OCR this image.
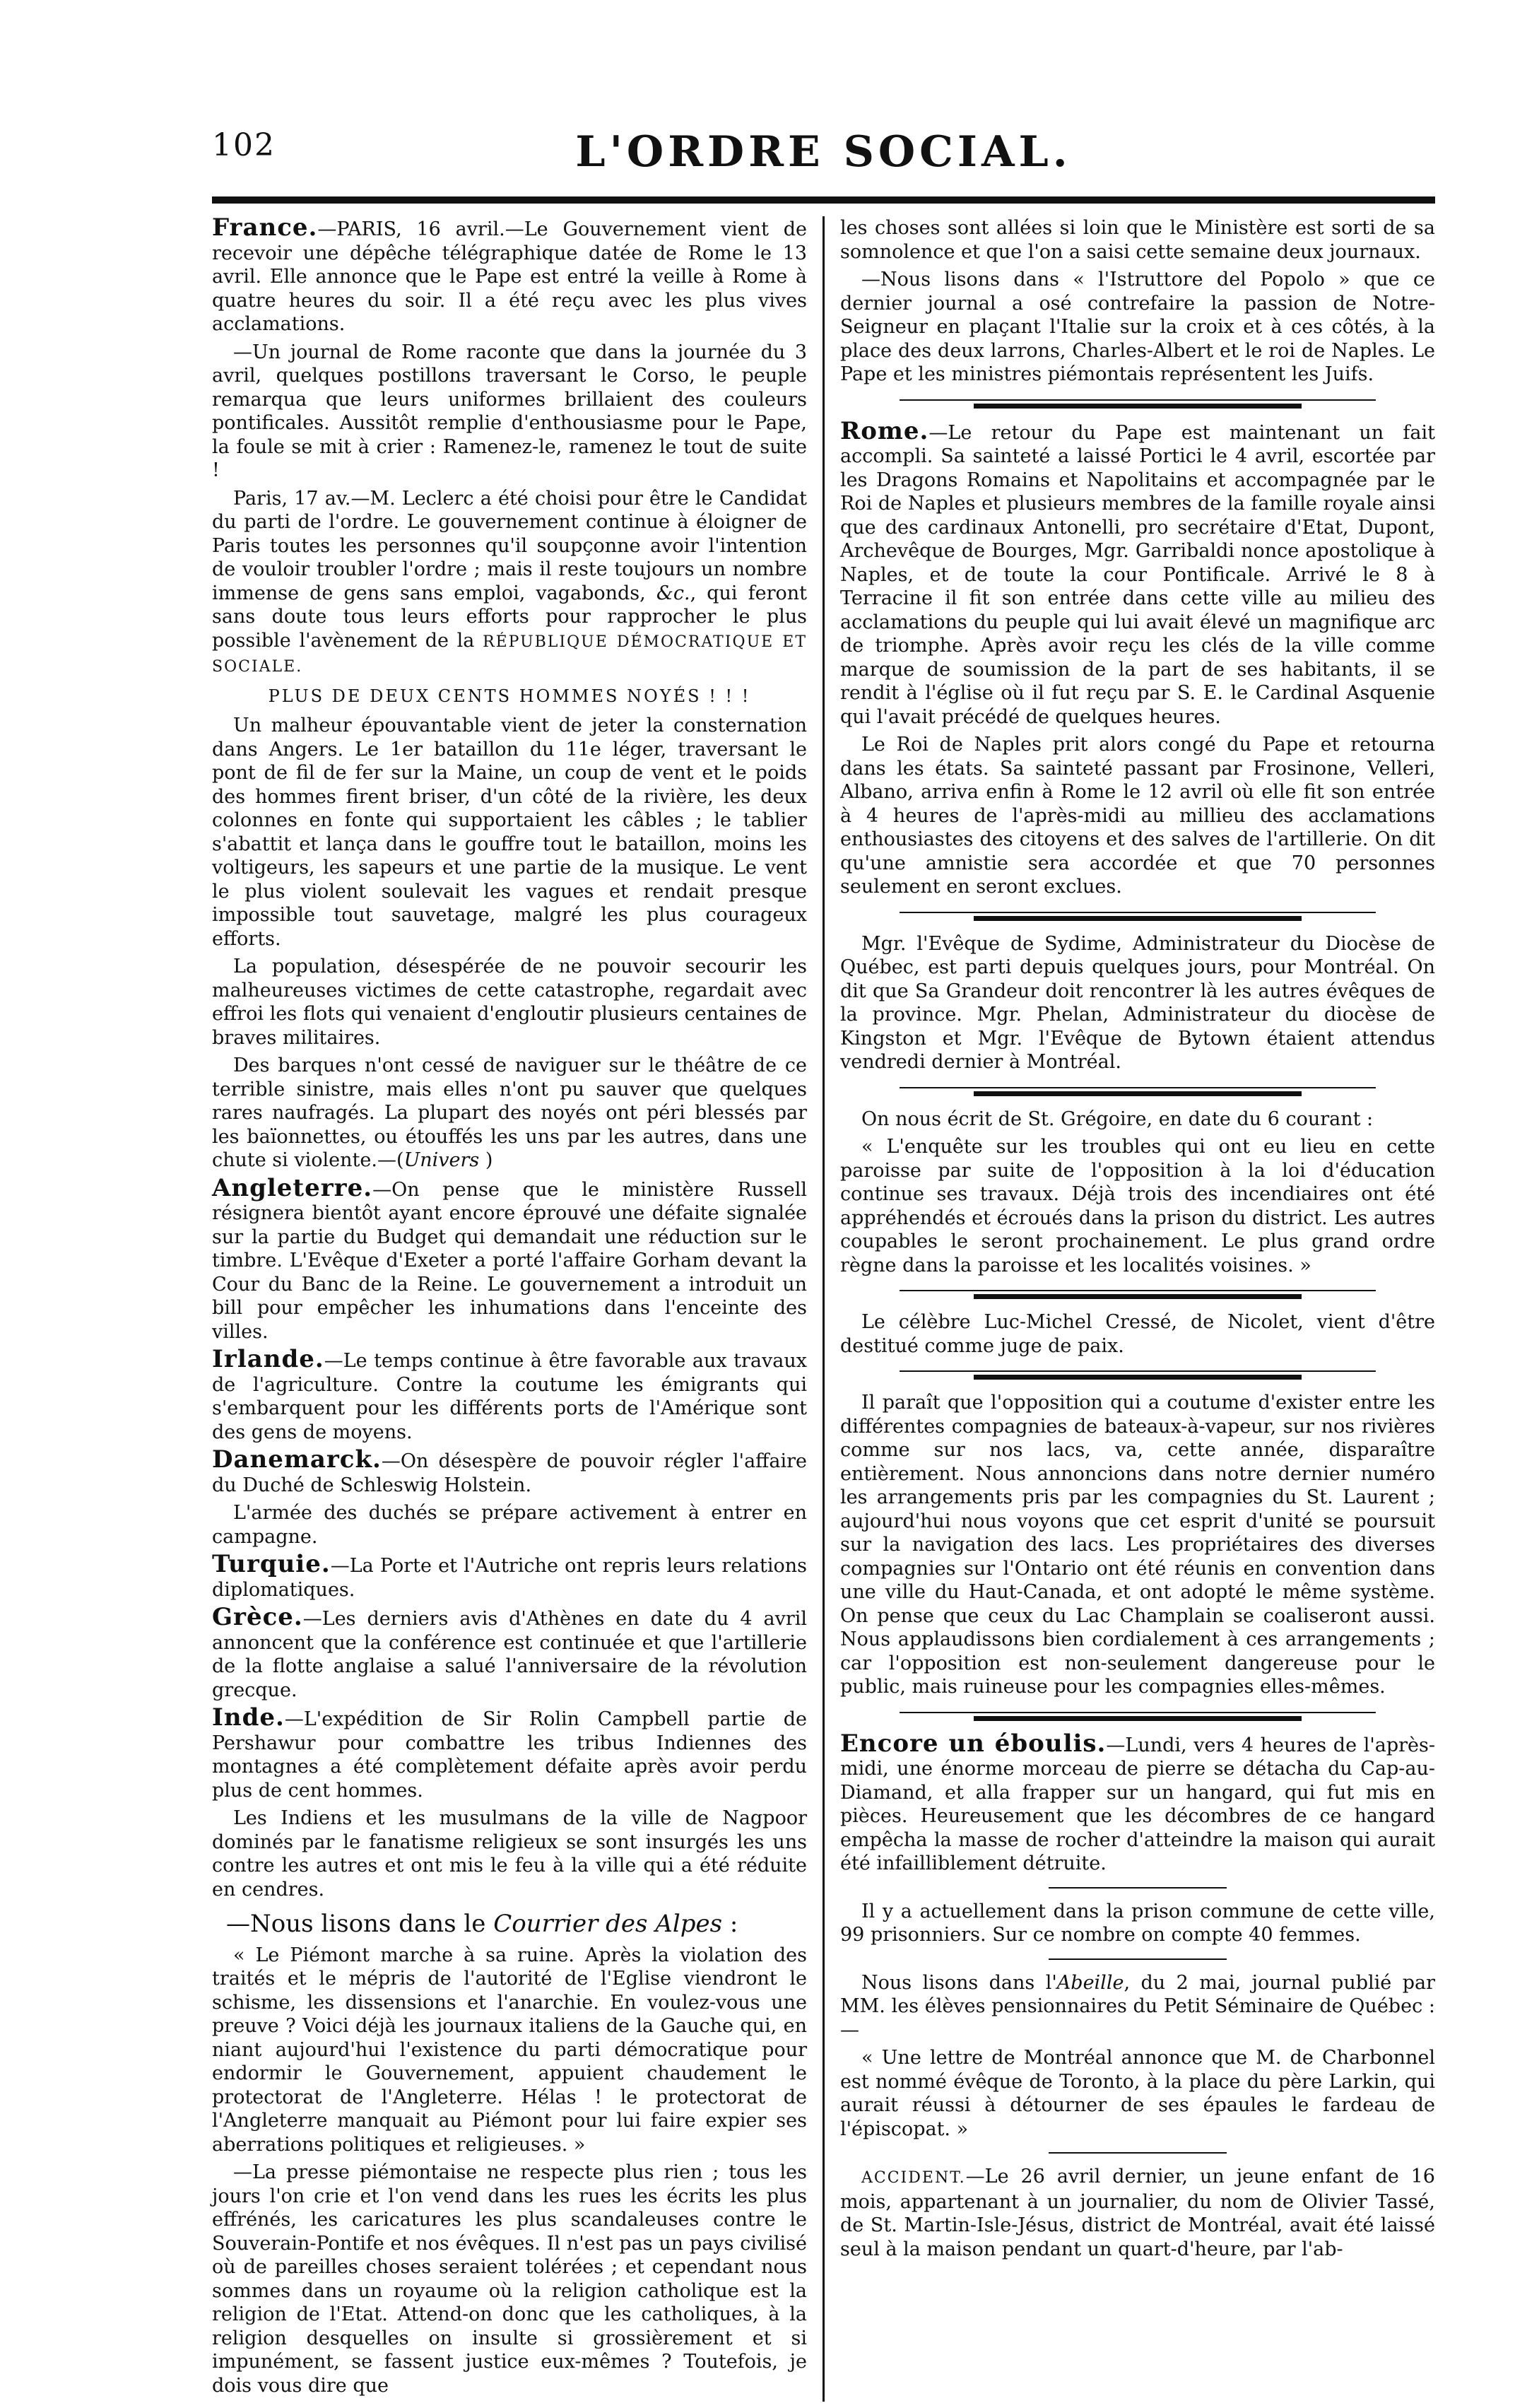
102	L'ORDRE SOCIAL.

France.—PARIS, 16 avril.—Le Gouvernement vient de recevoir une dépêche télégraphique datée de Rome le 13 avril. Elle annonce que le Pape est entré la veille à Rome à quatre heures du soir. Il a été reçu avec les plus vives acclamations.

—Un journal de Rome raconte que dans la journée du 3 avril, quelques postillons traversant le Corso, le peuple remarqua que leurs uniformes brillaient des couleurs pontificales. Aussitôt remplie d'enthousiasme pour le Pape, la foule se mit à crier : Ramenez-le, ramenez le tout de suite !

Paris, 17 av.—M. Leclerc a été choisi pour être le Candidat du parti de l'ordre. Le gouvernement continue à éloigner de Paris toutes les personnes qu'il soupçonne avoir l'intention de vouloir troubler l'ordre ; mais il reste toujours un nombre immense de gens sans emploi, vagabonds, &c., qui feront sans doute tous leurs efforts pour rapprocher le plus possible l'avènement de la RÉPUBLIQUE DÉMOCRATIQUE ET SOCIALE.

PLUS DE DEUX CENTS HOMMES NOYÉS ! ! !

Un malheur épouvantable vient de jeter la consternation dans Angers. Le 1er bataillon du 11e léger, traversant le pont de fil de fer sur la Maine, un coup de vent et le poids des hommes firent briser, d'un côté de la rivière, les deux colonnes en fonte qui supportaient les câbles ; le tablier s'abattit et lança dans le gouffre tout le bataillon, moins les voltigeurs, les sapeurs et une partie de la musique. Le vent le plus violent soulevait les vagues et rendait presque impossible tout sauvetage, malgré les plus courageux efforts.

La population, désespérée de ne pouvoir secourir les malheureuses victimes de cette catastrophe, regardait avec effroi les flots qui venaient d'engloutir plusieurs centaines de braves militaires.

Des barques n'ont cessé de naviguer sur le théâtre de ce terrible sinistre, mais elles n'ont pu sauver que quelques rares naufragés. La plupart des noyés ont péri blessés par les baïonnettes, ou étouffés les uns par les autres, dans une chute si violente.—(Univers )

Angleterre.—On pense que le ministère Russell résignera bientôt ayant encore éprouvé une défaite signalée sur la partie du Budget qui demandait une réduction sur le timbre. L'Evêque d'Exeter a porté l'affaire Gorham devant la Cour du Banc de la Reine. Le gouvernement a introduit un bill pour empêcher les inhumations dans l'enceinte des villes.

Irlande.—Le temps continue à être favorable aux travaux de l'agriculture. Contre la coutume les émigrants qui s'embarquent pour les différents ports de l'Amérique sont des gens de moyens.

Danemarck.—On désespère de pouvoir régler l'affaire du Duché de Schleswig Holstein.

L'armée des duchés se prépare activement à entrer en campagne.

Turquie.—La Porte et l'Autriche ont repris leurs relations diplomatiques.

Grèce.—Les derniers avis d'Athènes en date du 4 avril annoncent que la conférence est continuée et que l'artillerie de la flotte anglaise a salué l'anniversaire de la révolution grecque.

Inde.—L'expédition de Sir Rolin Campbell partie de Pershawur pour combattre les tribus Indiennes des montagnes a été complètement défaite après avoir perdu plus de cent hommes.

Les Indiens et les musulmans de la ville de Nagpoor dominés par le fanatisme religieux se sont insurgés les uns contre les autres et ont mis le feu à la ville qui a été réduite en cendres.

—Nous lisons dans le Courrier des Alpes :

« Le Piémont marche à sa ruine. Après la violation des traités et le mépris de l'autorité de l'Eglise viendront le schisme, les dissensions et l'anarchie. En voulez-vous une preuve ? Voici déjà les journaux italiens de la Gauche qui, en niant aujourd'hui l'existence du parti démocratique pour endormir le Gouvernement, appuient chaudement le protectorat de l'Angleterre. Hélas ! le protectorat de l'Angleterre manquait au Piémont pour lui faire expier ses aberrations politiques et religieuses. »

—La presse piémontaise ne respecte plus rien ; tous les jours l'on crie et l'on vend dans les rues les écrits les plus effrénés, les caricatures les plus scandaleuses contre le Souverain-Pontife et nos évêques. Il n'est pas un pays civilisé où de pareilles choses seraient tolérées ; et cependant nous sommes dans un royaume où la religion catholique est la religion de l'Etat. Attend-on donc que les catholiques, à la religion desquelles on insulte si grossièrement et si impunément, se fassent justice eux-mêmes ? Toutefois, je dois vous dire que

les choses sont allées si loin que le Ministère est sorti de sa somnolence et que l'on a saisi cette semaine deux journaux.

—Nous lisons dans « l'Istruttore del Popolo » que ce dernier journal a osé contrefaire la passion de Notre-Seigneur en plaçant l'Italie sur la croix et à ces côtés, à la place des deux larrons, Charles-Albert et le roi de Naples. Le Pape et les ministres piémontais représentent les Juifs.

Rome.—Le retour du Pape est maintenant un fait accompli. Sa sainteté a laissé Portici le 4 avril, escortée par les Dragons Romains et Napolitains et accompagnée par le Roi de Naples et plusieurs membres de la famille royale ainsi que des cardinaux Antonelli, pro secrétaire d'Etat, Dupont, Archevêque de Bourges, Mgr. Garribaldi nonce apostolique à Naples, et de toute la cour Pontificale. Arrivé le 8 à Terracine il fit son entrée dans cette ville au milieu des acclamations du peuple qui lui avait élevé un magnifique arc de triomphe. Après avoir reçu les clés de la ville comme marque de soumission de la part de ses habitants, il se rendit à l'église où il fut reçu par S. E. le Cardinal Asquenie qui l'avait précédé de quelques heures.

Le Roi de Naples prit alors congé du Pape et retourna dans les états. Sa sainteté passant par Frosinone, Velleri, Albano, arriva enfin à Rome le 12 avril où elle fit son entrée à 4 heures de l'après-midi au millieu des acclamations enthousiastes des citoyens et des salves de l'artillerie. On dit qu'une amnistie sera accordée et que 70 personnes seulement en seront exclues.

Mgr. l'Evêque de Sydime, Administrateur du Diocèse de Québec, est parti depuis quelques jours, pour Montréal. On dit que Sa Grandeur doit rencontrer là les autres évêques de la province. Mgr. Phelan, Administrateur du diocèse de Kingston et Mgr. l'Evêque de Bytown étaient attendus vendredi dernier à Montréal.

On nous écrit de St. Grégoire, en date du 6 courant :

« L'enquête sur les troubles qui ont eu lieu en cette paroisse par suite de l'opposition à la loi d'éducation continue ses travaux. Déjà trois des incendiaires ont été appréhendés et écroués dans la prison du district. Les autres coupables le seront prochainement. Le plus grand ordre règne dans la paroisse et les localités voisines. »

Le célèbre Luc-Michel Cressé, de Nicolet, vient d'être destitué comme juge de paix.

Il paraît que l'opposition qui a coutume d'exister entre les différentes compagnies de bateaux-à-vapeur, sur nos rivières comme sur nos lacs, va, cette année, disparaître entièrement. Nous annoncions dans notre dernier numéro les arrangements pris par les compagnies du St. Laurent ; aujourd'hui nous voyons que cet esprit d'unité se poursuit sur la navigation des lacs. Les propriétaires des diverses compagnies sur l'Ontario ont été réunis en convention dans une ville du Haut-Canada, et ont adopté le même système. On pense que ceux du Lac Champlain se coaliseront aussi. Nous applaudissons bien cordialement à ces arrangements ; car l'opposition est non-seulement dangereuse pour le public, mais ruineuse pour les compagnies elles-mêmes.

Encore un éboulis.—Lundi, vers 4 heures de l'après-midi, une énorme morceau de pierre se détacha du Cap-au-Diamand, et alla frapper sur un hangard, qui fut mis en pièces. Heureusement que les décombres de ce hangard empêcha la masse de rocher d'atteindre la maison qui aurait été infailliblement détruite.

Il y a actuellement dans la prison commune de cette ville, 99 prisonniers. Sur ce nombre on compte 40 femmes.

Nous lisons dans l'Abeille, du 2 mai, journal publié par MM. les élèves pensionnaires du Petit Séminaire de Québec :—

« Une lettre de Montréal annonce que M. de Charbonnel est nommé évêque de Toronto, à la place du père Larkin, qui aurait réussi à détourner de ses épaules le fardeau de l'épiscopat. »

ACCIDENT.—Le 26 avril dernier, un jeune enfant de 16 mois, appartenant à un journalier, du nom de Olivier Tassé, de St. Martin-Isle-Jésus, district de Montréal, avait été laissé seul à la maison pendant un quart-d'heure, par l'ab-
